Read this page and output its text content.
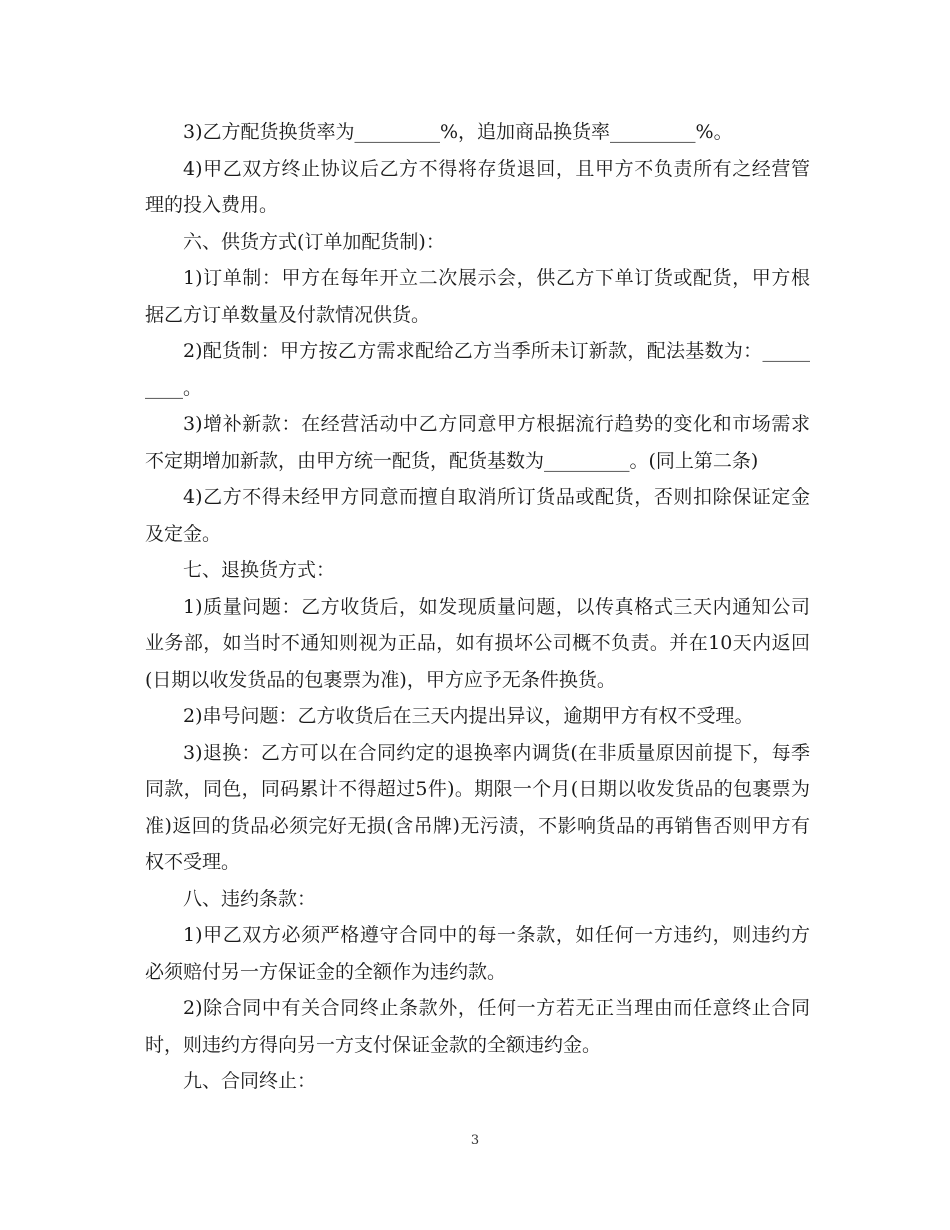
3)乙方配货换货率为_________%，追加商品换货率_________%。

4)甲乙双方终止协议后乙方不得将存货退回，且甲方不负责所有之经营管理的投入费用。

六、供货方式(订单加配货制)：

1)订单制：甲方在每年开立二次展示会，供乙方下单订货或配货，甲方根据乙方订单数量及付款情况供货。

2)配货制：甲方按乙方需求配给乙方当季所未订新款，配法基数为：_________。

3)增补新款：在经营活动中乙方同意甲方根据流行趋势的变化和市场需求不定期增加新款，由甲方统一配货，配货基数为_________。(同上第二条)

4)乙方不得未经甲方同意而擅自取消所订货品或配货，否则扣除保证定金及定金。

七、退换货方式：

1)质量问题：乙方收货后，如发现质量问题，以传真格式三天内通知公司业务部，如当时不通知则视为正品，如有损坏公司概不负责。并在10天内返回(日期以收发货品的包裹票为准)，甲方应予无条件换货。

2)串号问题：乙方收货后在三天内提出异议，逾期甲方有权不受理。

3)退换：乙方可以在合同约定的退换率内调货(在非质量原因前提下，每季同款，同色，同码累计不得超过5件)。期限一个月(日期以收发货品的包裹票为准)返回的货品必须完好无损(含吊牌)无污渍，不影响货品的再销售否则甲方有权不受理。

八、违约条款：

1)甲乙双方必须严格遵守合同中的每一条款，如任何一方违约，则违约方必须赔付另一方保证金的全额作为违约款。

2)除合同中有关合同终止条款外，任何一方若无正当理由而任意终止合同时，则违约方得向另一方支付保证金款的全额违约金。

九、合同终止：

3
